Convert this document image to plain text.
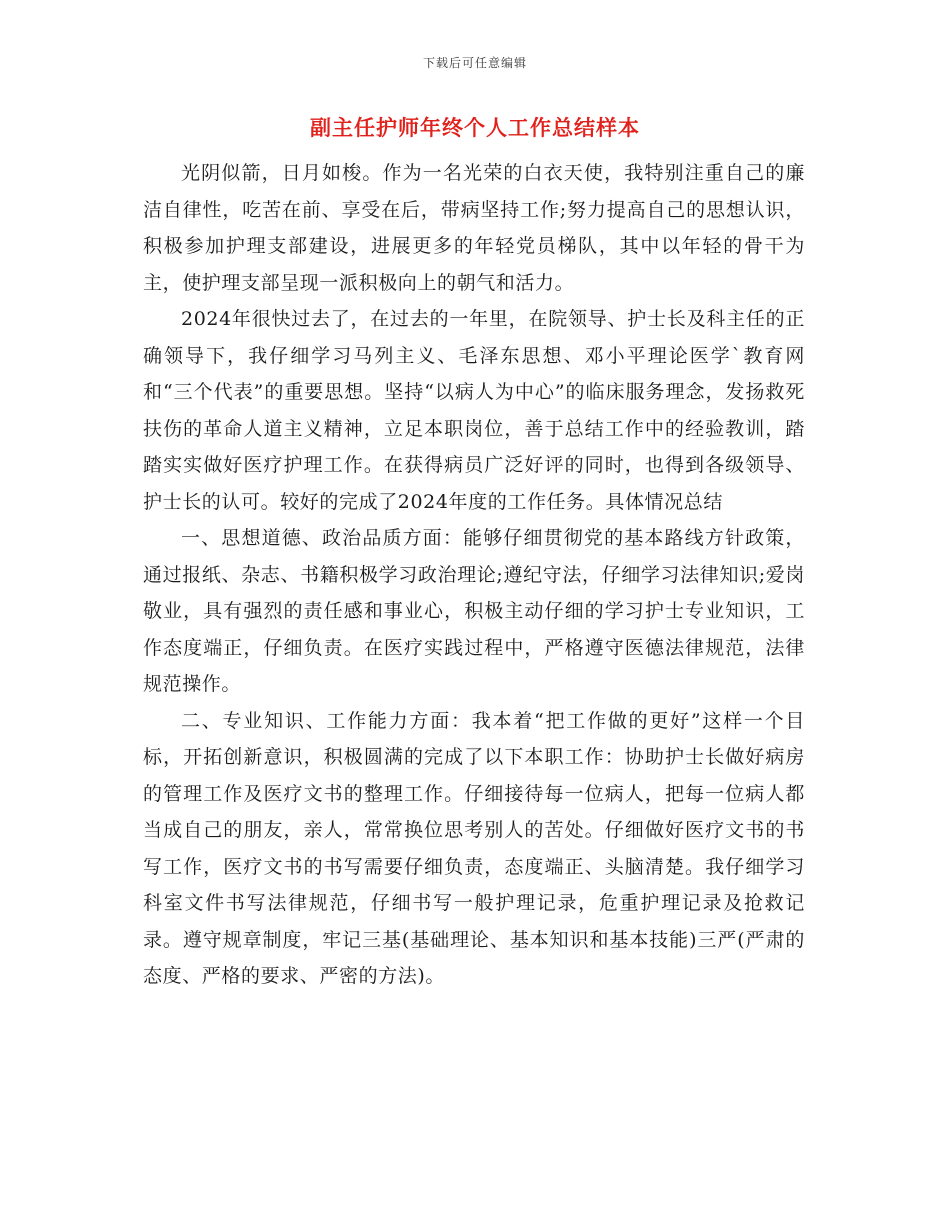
下载后可任意编辑
副主任护师年终个人工作总结样本

光阴似箭，日月如梭。作为一名光荣的白衣天使，我特别注重自己的廉洁自律性，吃苦在前、享受在后，带病坚持工作;努力提高自己的思想认识，积极参加护理支部建设，进展更多的年轻党员梯队，其中以年轻的骨干为主，使护理支部呈现一派积极向上的朝气和活力。

2024年很快过去了，在过去的一年里，在院领导、护士长及科主任的正确领导下，我仔细学习马列主义、毛泽东思想、邓小平理论医学`教育网和“三个代表”的重要思想。坚持“以病人为中心”的临床服务理念，发扬救死扶伤的革命人道主义精神，立足本职岗位，善于总结工作中的经验教训，踏踏实实做好医疗护理工作。在获得病员广泛好评的同时，也得到各级领导、护士长的认可。较好的完成了2024年度的工作任务。具体情况总结

一、思想道德、政治品质方面：能够仔细贯彻党的基本路线方针政策，通过报纸、杂志、书籍积极学习政治理论;遵纪守法，仔细学习法律知识;爱岗敬业，具有强烈的责任感和事业心，积极主动仔细的学习护士专业知识，工作态度端正，仔细负责。在医疗实践过程中，严格遵守医德法律规范，法律规范操作。

二、专业知识、工作能力方面：我本着“把工作做的更好”这样一个目标，开拓创新意识，积极圆满的完成了以下本职工作：协助护士长做好病房的管理工作及医疗文书的整理工作。仔细接待每一位病人，把每一位病人都当成自己的朋友，亲人，常常换位思考别人的苦处。仔细做好医疗文书的书写工作，医疗文书的书写需要仔细负责，态度端正、头脑清楚。我仔细学习科室文件书写法律规范，仔细书写一般护理记录，危重护理记录及抢救记录。遵守规章制度，牢记三基(基础理论、基本知识和基本技能)三严(严肃的态度、严格的要求、严密的方法)。
